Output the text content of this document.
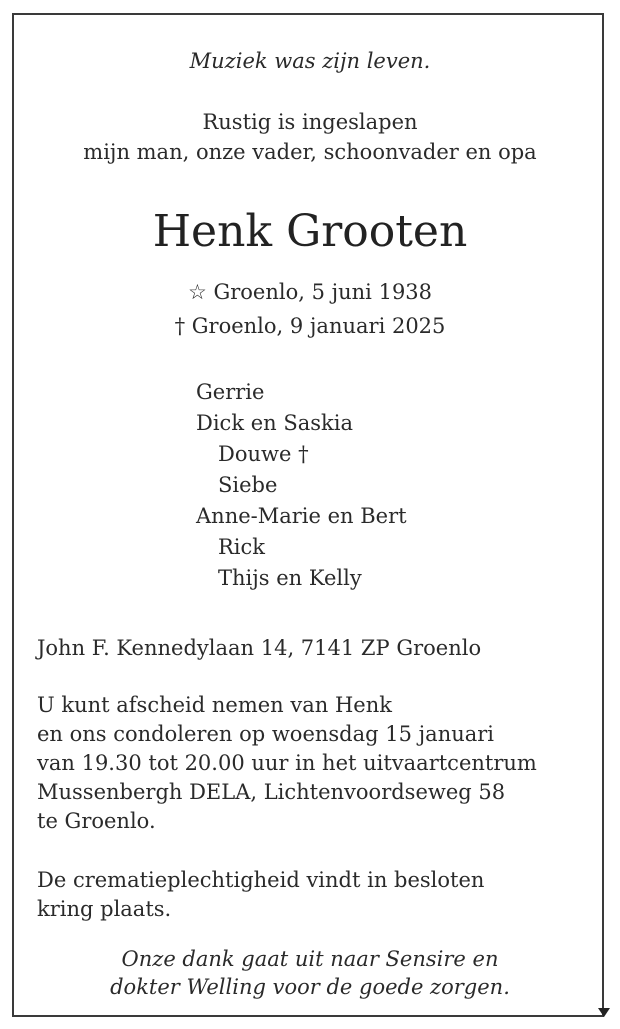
Muziek was zijn leven.
Rustig is ingeslapen
mijn man, onze vader, schoonvader en opa
Henk Grooten
☆ Groenlo, 5 juni 1938
† Groenlo, 9 januari 2025
Gerrie
Dick en Saskia
Douwe †
Siebe
Anne-Marie en Bert
Rick
Thijs en Kelly
John F. Kennedylaan 14, 7141 ZP Groenlo
U kunt afscheid nemen van Henk
en ons condoleren op woensdag 15 januari
van 19.30 tot 20.00 uur in het uitvaartcentrum
Mussenbergh DELA, Lichtenvoordseweg 58
te Groenlo.
De crematieplechtigheid vindt in besloten
kring plaats.
Onze dank gaat uit naar Sensire en
dokter Welling voor de goede zorgen.
